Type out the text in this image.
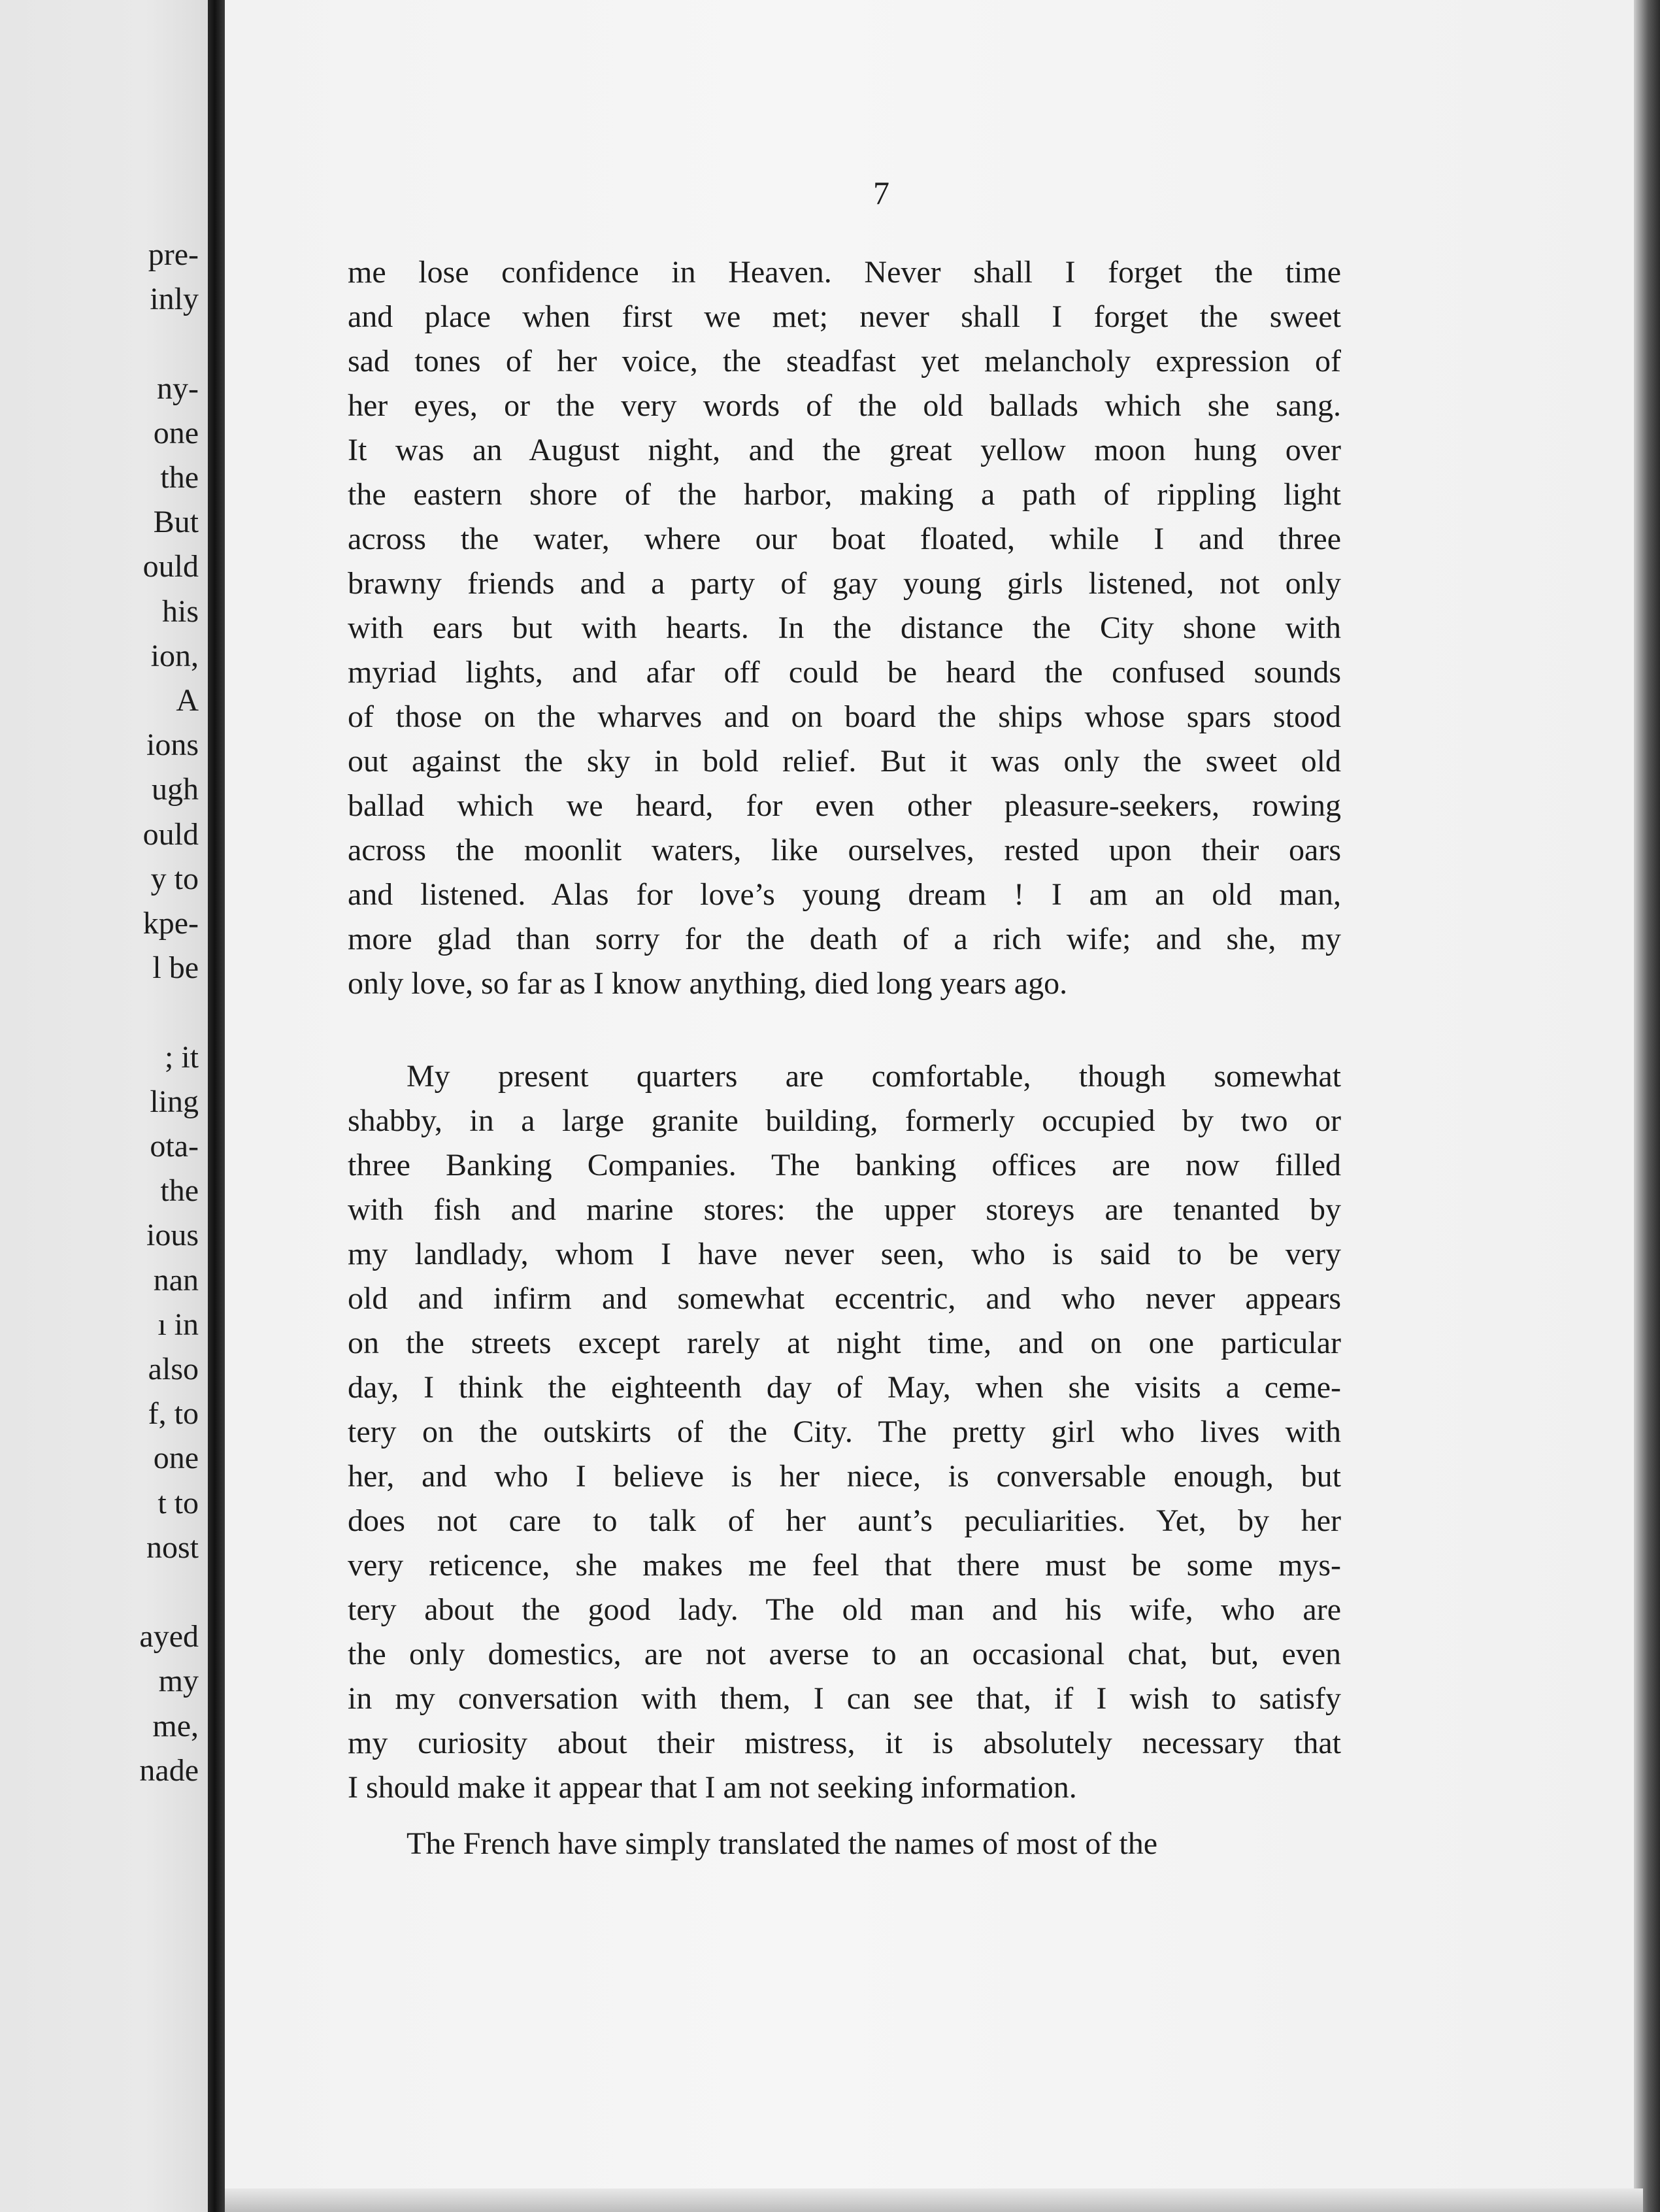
pre-
inly
ny-
one
the
But
ould
his
ion,
A
ions
ugh
ould
y to
kpe-
l be
; it
ling
ota-
the
ious
nan
ı in
also
f, to
one
t to
nost
ayed
my
me,
nade
7
me lose confidence in Heaven. Never shall I forget the time
and place when first we met; never shall I forget the sweet
sad tones of her voice, the steadfast yet melancholy expression of
her eyes, or the very words of the old ballads which she sang.
It was an August night, and the great yellow moon hung over
the eastern shore of the harbor, making a path of rippling light
across the water, where our boat floated, while I and three
brawny friends and a party of gay young girls listened, not only
with ears but with hearts. In the distance the City shone with
myriad lights, and afar off could be heard the confused sounds
of those on the wharves and on board the ships whose spars stood
out against the sky in bold relief. But it was only the sweet old
ballad which we heard, for even other pleasure-seekers, rowing
across the moonlit waters, like ourselves, rested upon their oars
and listened. Alas for love’s young dream ! I am an old man,
more glad than sorry for the death of a rich wife; and she, my
only love, so far as I know anything, died long years ago.
My present quarters are comfortable, though somewhat
shabby, in a large granite building, formerly occupied by two or
three Banking Companies. The banking offices are now filled
with fish and marine stores: the upper storeys are tenanted by
my landlady, whom I have never seen, who is said to be very
old and infirm and somewhat eccentric, and who never appears
on the streets except rarely at night time, and on one particular
day, I think the eighteenth day of May, when she visits a ceme-
tery on the outskirts of the City. The pretty girl who lives with
her, and who I believe is her niece, is conversable enough, but
does not care to talk of her aunt’s peculiarities. Yet, by her
very reticence, she makes me feel that there must be some mys-
tery about the good lady. The old man and his wife, who are
the only domestics, are not averse to an occasional chat, but, even
in my conversation with them, I can see that, if I wish to satisfy
my curiosity about their mistress, it is absolutely necessary that
I should make it appear that I am not seeking information.
The French have simply translated the names of most of the
